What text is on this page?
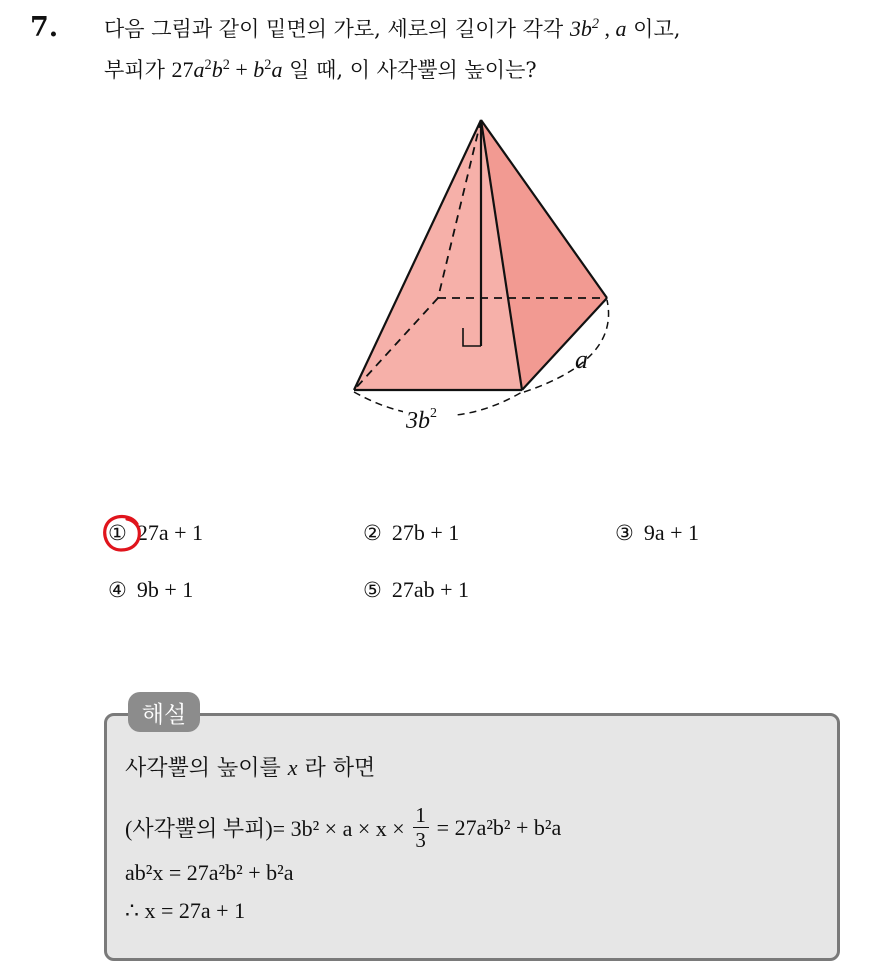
7. 다음 그림과 같이 밑면의 가로, 세로의 길이가 각각 $3b^2$ , a 이고,
부피가 $27a^2b^2 + b^2a$ 일 때, 이 사각뿔의 높이는?
$3b^2$
a
① 27a + 1	② 27b + 1	③ 9a + 1
④ 9b + 1	⑤ 27ab + 1
해설
사각뿔의 높이를 x 라 하면
(사각뿔의 부피)= $3b^2 \times a \times x \times \frac{1}{3} = 27a^2b^2 + b^2a$
ab²x = 27a²b² + b²a
∴ x = 27a + 1
